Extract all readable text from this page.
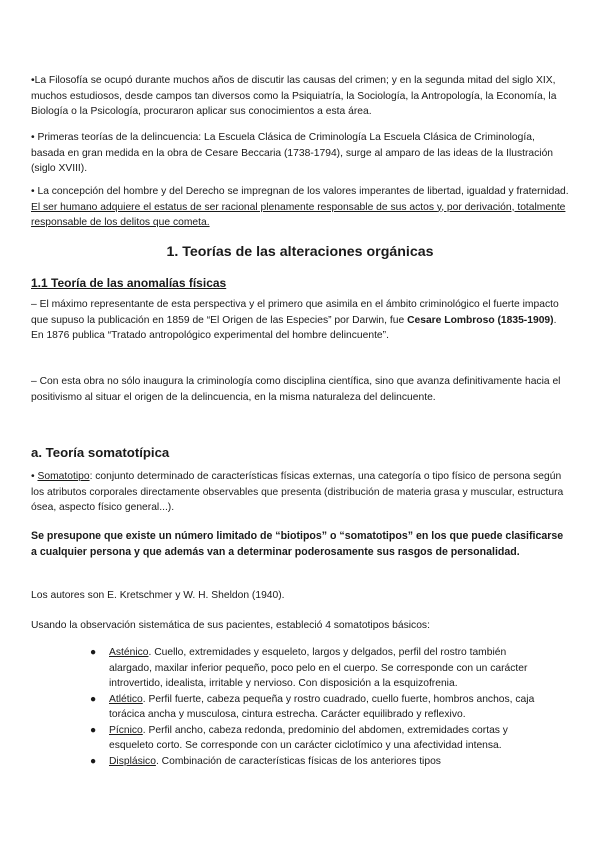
•La Filosofía se ocupó durante muchos años de discutir las causas del crimen; y en la segunda mitad del siglo XIX, muchos estudiosos, desde campos tan diversos como la Psiquiatría, la Sociología, la Antropología, la Economía, la Biología o la Psicología, procuraron aplicar sus conocimientos a esta área.

• Primeras teorías de la delincuencia: La Escuela Clásica de Criminología La Escuela Clásica de Criminología, basada en gran medida en la obra de Cesare Beccaria (1738-1794), surge al amparo de las ideas de la Ilustración (siglo XVIII).

• La concepción del hombre y del Derecho se impregnan de los valores imperantes de libertad, igualdad y fraternidad. El ser humano adquiere el estatus de ser racional plenamente responsable de sus actos y, por derivación, totalmente responsable de los delitos que cometa.

1. Teorías de las alteraciones orgánicas
1.1 Teoría de las anomalías físicas

– El máximo representante de esta perspectiva y el primero que asimila en el ámbito criminológico el fuerte impacto que supuso la publicación en 1859 de “El Origen de las Especies” por Darwin, fue Cesare Lombroso (1835-1909). En 1876 publica “Tratado antropológico experimental del hombre delincuente”.

– Con esta obra no sólo inaugura la criminología como disciplina científica, sino que avanza definitivamente hacia el positivismo al situar el origen de la delincuencia, en la misma naturaleza del delincuente.

a. Teoría somatotípica

• Somatotipo: conjunto determinado de características físicas externas, una categoría o tipo físico de persona según los atributos corporales directamente observables que presenta (distribución de materia grasa y muscular, estructura ósea, aspecto físico general...).

Se presupone que existe un número limitado de “biotipos” o “somatotipos” en los que puede clasificarse a cualquier persona y que además van a determinar poderosamente sus rasgos de personalidad.

Los autores son E. Kretschmer y W. H. Sheldon (1940).

Usando la observación sistemática de sus pacientes, estableció 4 somatotipos básicos:

● Asténico. Cuello, extremidades y esqueleto, largos y delgados, perfil del rostro también alargado, maxilar inferior pequeño, poco pelo en el cuerpo. Se corresponde con un carácter introvertido, idealista, irritable y nervioso. Con disposición a la esquizofrenia.
● Atlético. Perfil fuerte, cabeza pequeña y rostro cuadrado, cuello fuerte, hombros anchos, caja torácica ancha y musculosa, cintura estrecha. Carácter equilibrado y reflexivo.
● Pícnico. Perfil ancho, cabeza redonda, predominio del abdomen, extremidades cortas y esqueleto corto. Se corresponde con un carácter ciclotímico y una afectividad intensa.
● Displásico. Combinación de características físicas de los anteriores tipos
